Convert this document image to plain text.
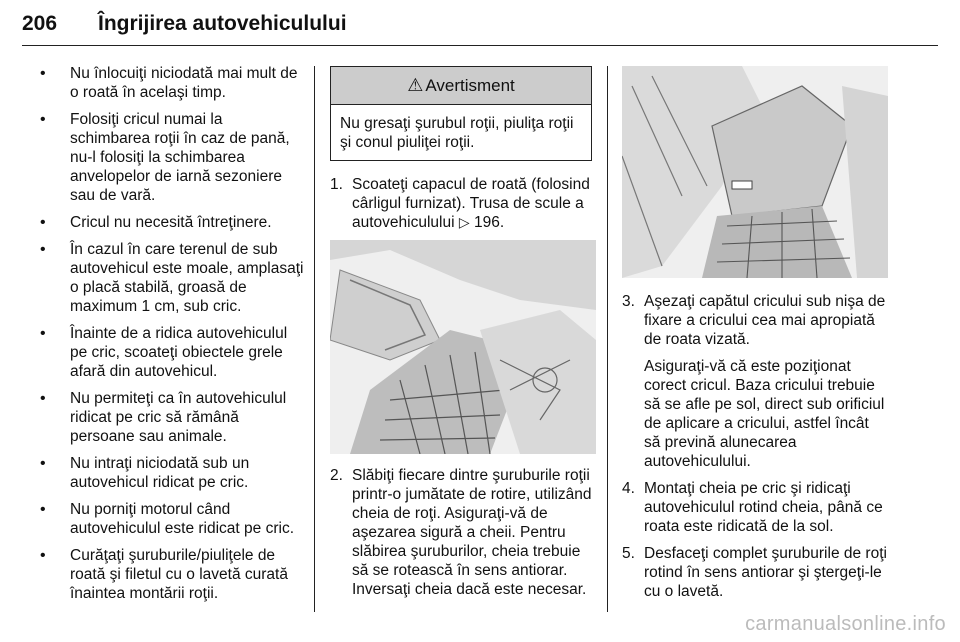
206 Îngrijirea autovehiculului
• Nu înlocuiţi niciodată mai mult de o roată în acelaşi timp.
• Folosiţi cricul numai la schimbarea roţii în caz de pană, nu-l folosiţi la schimbarea anvelopelor de iarnă sezoniere sau de vară.
• Cricul nu necesită întreţinere.
• În cazul în care terenul de sub autovehicul este moale, amplasaţi o placă stabilă, groasă de maximum 1 cm, sub cric.
• Înainte de a ridica autovehiculul pe cric, scoateţi obiectele grele afară din autovehicul.
• Nu permiteţi ca în autovehiculul ridicat pe cric să rămână persoane sau animale.
• Nu intraţi niciodată sub un autovehicul ridicat pe cric.
• Nu porniţi motorul când autovehiculul este ridicat pe cric.
• Curăţaţi şuruburile/piuliţele de roată şi filetul cu o lavetă curată înaintea montării roţii.
⚠ Avertisment
Nu gresaţi şurubul roţii, piuliţa roţii şi conul piuliţei roţii.
1. Scoateţi capacul de roată (folosind cârligul furnizat). Trusa de scule a autovehiculului ▷ 196.

2. Slăbiţi fiecare dintre şuruburile roţii printr-o jumătate de rotire, utilizând cheia de roţi. Asiguraţi-vă de aşezarea sigură a cheii. Pentru slăbirea şuruburilor, cheia trebuie să se rotească în sens antiorar. Inversaţi cheia dacă este necesar.

3. Aşezaţi capătul cricului sub nişa de fixare a cricului cea mai apropiată de roata vizată.

Asiguraţi-vă că este poziţionat corect cricul. Baza cricului trebuie să se afle pe sol, direct sub orificiul de aplicare a cricului, astfel încât să prevină alunecarea autovehiculului.

4. Montaţi cheia pe cric şi ridicaţi autovehiculul rotind cheia, până ce roata este ridicată de la sol.

5. Desfaceţi complet şuruburile de roţi rotind în sens antiorar şi ştergeţi-le cu o lavetă.

carmanualsonline.info
